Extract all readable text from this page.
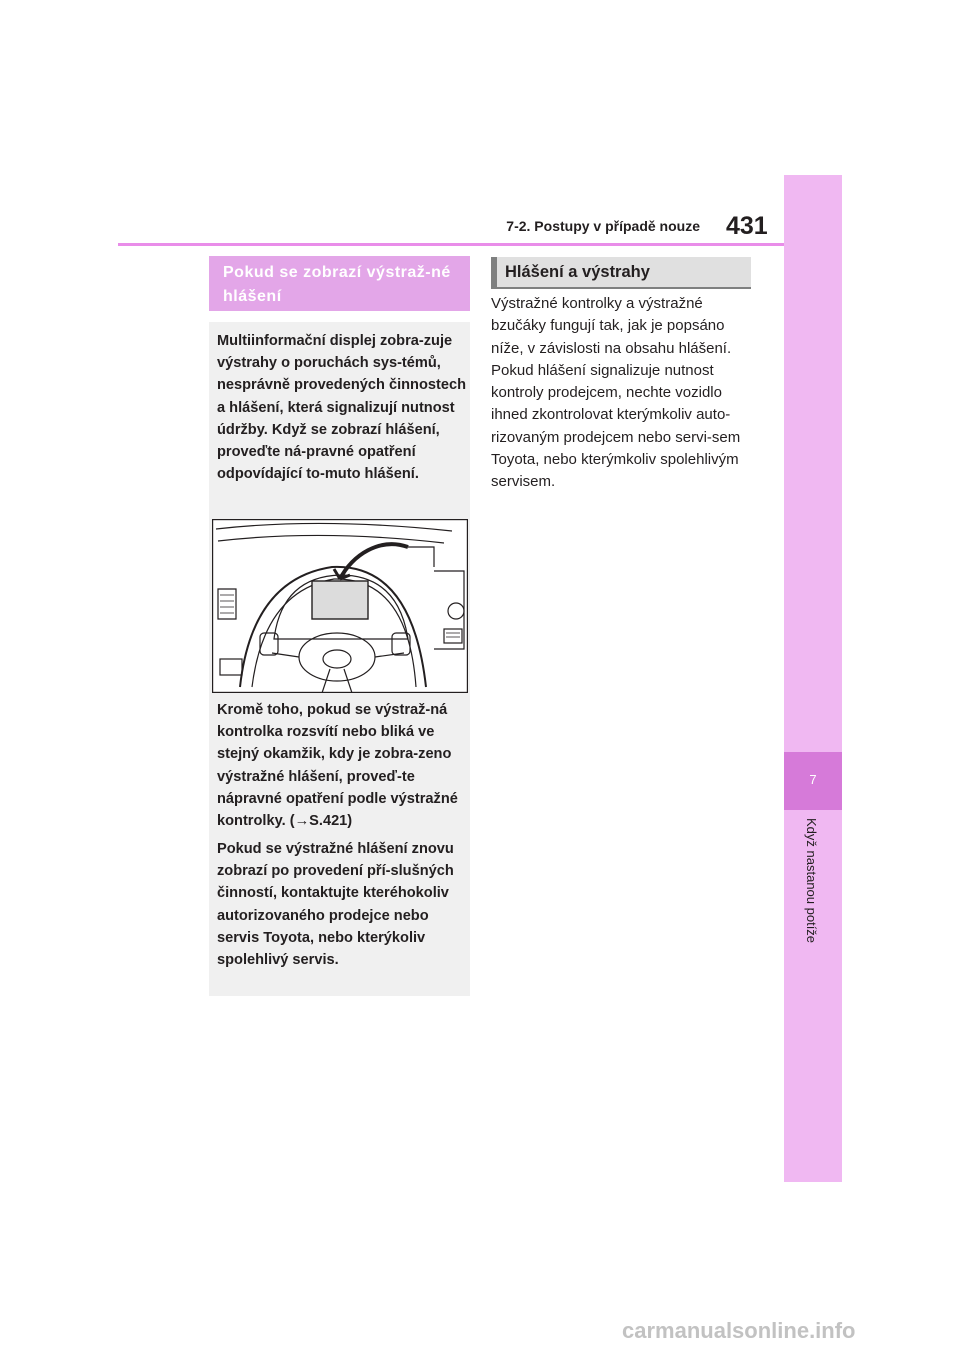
7
Když nastanou potíže
7-2. Postupy v případě nouze 431
Pokud se zobrazí výstraž-né hlášení

Multiinformační displej zobra-zuje výstrahy o poruchách sys-témů, nesprávně provedených činnostech a hlášení, která signalizují nutnost údržby. Když se zobrazí hlášení, proveďte ná-pravné opatření odpovídající to-muto hlášení.

Kromě toho, pokud se výstraž-ná kontrolka rozsvítí nebo bliká ve stejný okamžik, kdy je zobra-zeno výstražné hlášení, proveď-te nápravné opatření podle výstražné kontrolky. (→S.421)

Pokud se výstražné hlášení znovu zobrazí po provedení pří-slušných činností, kontaktujte kteréhokoliv autorizovaného prodejce nebo servis Toyota, nebo kterýkoliv spolehlivý servis.

Hlášení a výstrahy

Výstražné kontrolky a výstražné bzučáky fungují tak, jak je popsáno níže, v závislosti na obsahu hlášení. Pokud hlášení signalizuje nutnost kontroly prodejcem, nechte vozidlo ihned zkontrolovat kterýmkoliv auto-rizovaným prodejcem nebo servi-sem Toyota, nebo kterýmkoliv spolehlivým servisem.

carmanualsonline.info
